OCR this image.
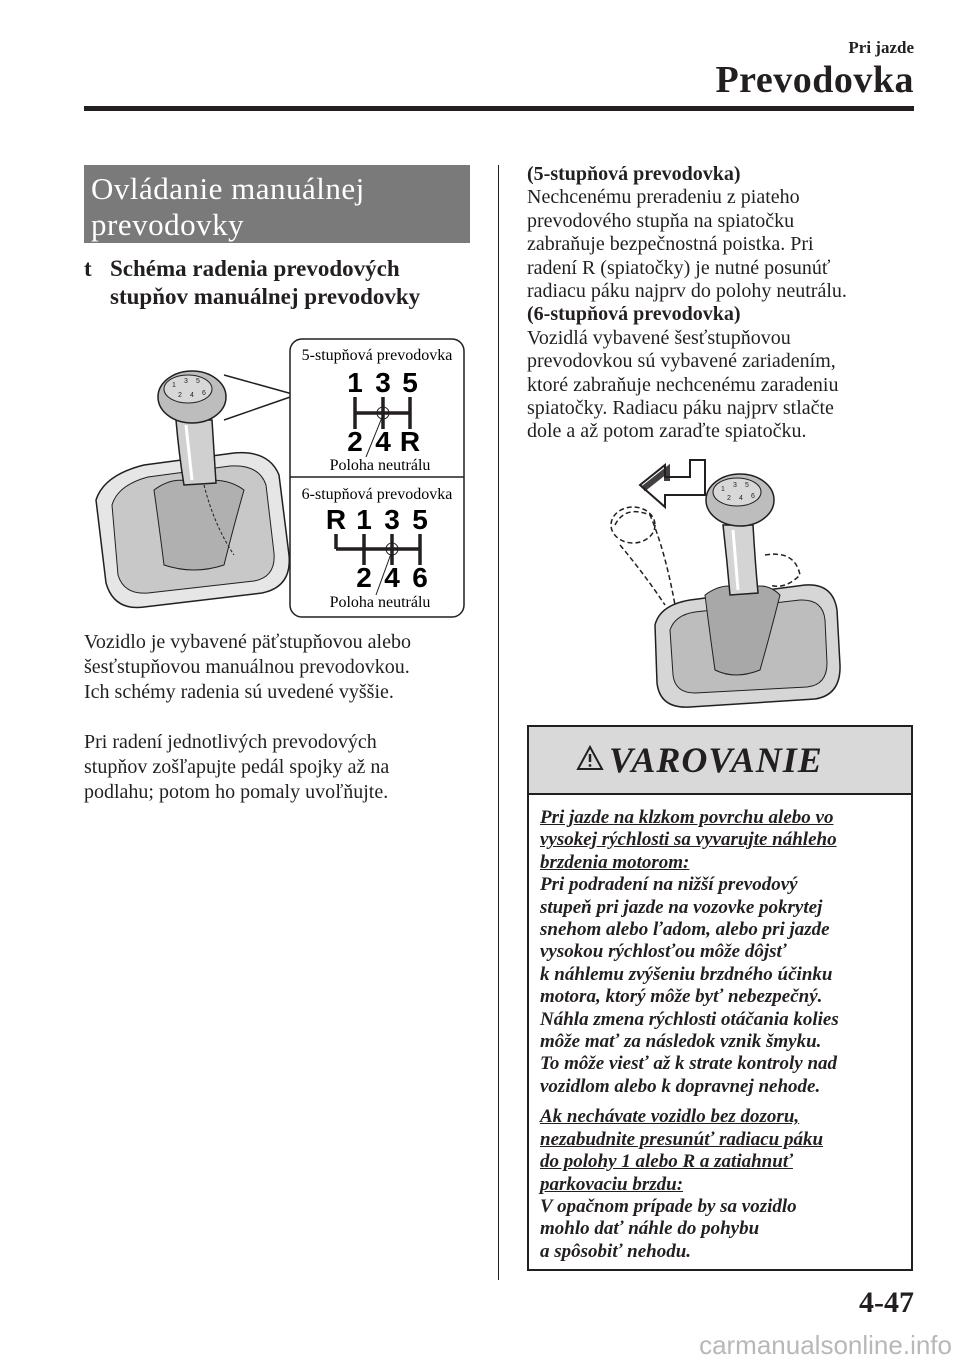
Pri jazde
Prevodovka
Ovládanie manuálnej
prevodovky
t Schéma radenia prevodových
stupňov manuálnej prevodovky
1
3 5
2 4 6
5-stupňová prevodovka
1 3 5
2 4 R
Poloha neutrálu
6-stupňová prevodovka
R 1 3 5
2 4 6
Poloha neutrálu
Vozidlo je vybavené päťstupňovou alebo
šesťstupňovou manuálnou prevodovkou.
Ich schémy radenia sú uvedené vyššie.
Pri radení jednotlivých prevodových
stupňov zošľapujte pedál spojky až na
podlahu; potom ho pomaly uvoľňujte.
(5-stupňová prevodovka)
Nechcenému preradeniu z piateho
prevodového stupňa na spiatočku
zabraňuje bezpečnostná poistka. Pri
radení R (spiatočky) je nutné posunúť
radiacu páku najprv do polohy neutrálu.
(6-stupňová prevodovka)
Vozidlá vybavené šesťstupňovou
prevodovkou sú vybavené zariadením,
ktoré zabraňuje nechcenému zaradeniu
spiatočky. Radiacu páku najprv stlačte
dole a až potom zaraďte spiatočku.
1
3 5
2 4 6
VAROVANIE

Pri jazde na klzkom povrchu alebo vo

vysokej rýchlosti sa vyvarujte náhleho

brzdenia motorom:

Pri podradení na nižší prevodový

stupeň pri jazde na vozovke pokrytej

snehom alebo ľadom, alebo pri jazde

vysokou rýchlosťou môže dôjsť

k náhlemu zvýšeniu brzdného účinku

motora, ktorý môže byť nebezpečný.

Náhla zmena rýchlosti otáčania kolies

môže mať za následok vznik šmyku.

To môže viesť až k strate kontroly nad

vozidlom alebo k dopravnej nehode.

Ak nechávate vozidlo bez dozoru,

nezabudnite presunúť radiacu páku

do polohy 1 alebo R a zatiahnuť

parkovaciu brzdu:

V opačnom prípade by sa vozidlo

mohlo dať náhle do pohybu

a spôsobiť nehodu.

4-47
carmanualsonline.info
